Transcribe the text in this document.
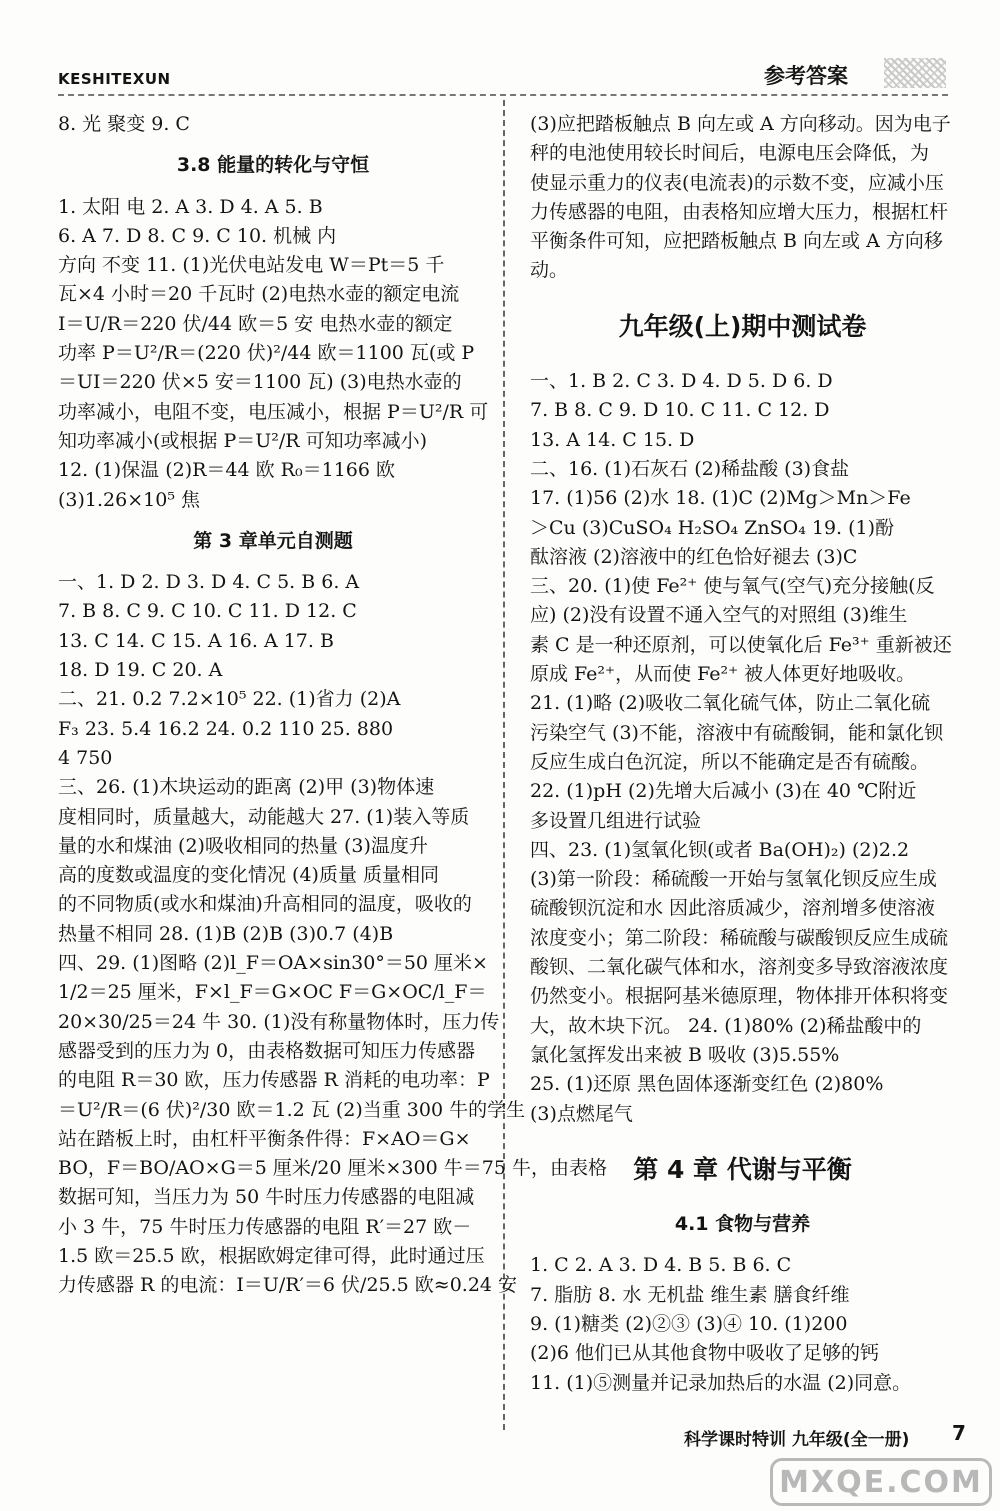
KESHITEXUN	参考答案
8. 光 聚变 9. C
3.8 能量的转化与守恒
1. 太阳 电 2. A 3. D 4. A 5. B
6. A 7. D 8. C 9. C 10. 机械 内
方向 不变 11. (1)光伏电站发电 W＝Pt＝5 千
瓦×4 小时＝20 千瓦时 (2)电热水壶的额定电流
I＝U/R＝220 伏/44 欧＝5 安 电热水壶的额定
功率 P＝U²/R＝(220 伏)²/44 欧＝1100 瓦(或 P
＝UI＝220 伏×5 安＝1100 瓦) (3)电热水壶的
功率减小，电阻不变，电压减小，根据 P＝U²/R 可
知功率减小(或根据 P＝U²/R 可知功率减小)
12. (1)保温 (2)R＝44 欧 R₀＝1166 欧
(3)1.26×10⁵ 焦
第 3 章单元自测题
一、1. D 2. D 3. D 4. C 5. B 6. A
7. B 8. C 9. C 10. C 11. D 12. C
13. C 14. C 15. A 16. A 17. B
18. D 19. C 20. A
二、21. 0.2 7.2×10⁵ 22. (1)省力 (2)A
F₃ 23. 5.4 16.2 24. 0.2 110 25. 880
4 750
三、26. (1)木块运动的距离 (2)甲 (3)物体速
度相同时，质量越大，动能越大 27. (1)装入等质
量的水和煤油 (2)吸收相同的热量 (3)温度升
高的度数或温度的变化情况 (4)质量 质量相同
的不同物质(或水和煤油)升高相同的温度，吸收的
热量不相同 28. (1)B (2)B (3)0.7 (4)B
四、29. (1)图略 (2)l_F＝OA×sin30°＝50 厘米×
1/2＝25 厘米，F×l_F＝G×OC F＝G×OC/l_F＝
20×30/25＝24 牛 30. (1)没有称量物体时，压力传
感器受到的压力为 0，由表格数据可知压力传感器
的电阻 R＝30 欧，压力传感器 R 消耗的电功率：P
＝U²/R＝(6 伏)²/30 欧＝1.2 瓦 (2)当重 300 牛的学生
站在踏板上时，由杠杆平衡条件得：F×AO＝G×
BO，F＝BO/AO×G＝5 厘米/20 厘米×300 牛＝75 牛，由表格
数据可知，当压力为 50 牛时压力传感器的电阻减
小 3 牛，75 牛时压力传感器的电阻 R′＝27 欧－
1.5 欧＝25.5 欧，根据欧姆定律可得，此时通过压
力传感器 R 的电流：I＝U/R′＝6 伏/25.5 欧≈0.24 安
(3)应把踏板触点 B 向左或 A 方向移动。因为电子
秤的电池使用较长时间后，电源电压会降低，为
使显示重力的仪表(电流表)的示数不变，应减小压
力传感器的电阻，由表格知应增大压力，根据杠杆
平衡条件可知，应把踏板触点 B 向左或 A 方向移
动。
九年级(上)期中测试卷
一、1. B 2. C 3. D 4. D 5. D 6. D
7. B 8. C 9. D 10. C 11. C 12. D
13. A 14. C 15. D
二、16. (1)石灰石 (2)稀盐酸 (3)食盐
17. (1)56 (2)水 18. (1)C (2)Mg＞Mn＞Fe
＞Cu (3)CuSO₄ H₂SO₄ ZnSO₄ 19. (1)酚
酞溶液 (2)溶液中的红色恰好褪去 (3)C
三、20. (1)使 Fe²⁺ 使与氧气(空气)充分接触(反
应) (2)没有设置不通入空气的对照组 (3)维生
素 C 是一种还原剂，可以使氧化后 Fe³⁺ 重新被还
原成 Fe²⁺，从而使 Fe²⁺ 被人体更好地吸收。
21. (1)略 (2)吸收二氧化硫气体，防止二氧化硫
污染空气 (3)不能，溶液中有硫酸铜，能和氯化钡
反应生成白色沉淀，所以不能确定是否有硫酸。
22. (1)pH (2)先增大后减小 (3)在 40 ℃附近
多设置几组进行试验
四、23. (1)氢氧化钡(或者 Ba(OH)₂) (2)2.2
(3)第一阶段：稀硫酸一开始与氢氧化钡反应生成
硫酸钡沉淀和水 因此溶质减少，溶剂增多使溶液
浓度变小；第二阶段：稀硫酸与碳酸钡反应生成硫
酸钡、二氧化碳气体和水，溶剂变多导致溶液浓度
仍然变小。根据阿基米德原理，物体排开体积将变
大，故木块下沉。 24. (1)80% (2)稀盐酸中的
氯化氢挥发出来被 B 吸收 (3)5.55%
25. (1)还原 黑色固体逐渐变红色 (2)80%
(3)点燃尾气
第 4 章 代谢与平衡
4.1 食物与营养
1. C 2. A 3. D 4. B 5. B 6. C
7. 脂肪 8. 水 无机盐 维生素 膳食纤维
9. (1)糖类 (2)②③ (3)④ 10. (1)200
(2)6 他们已从其他食物中吸收了足够的钙
11. (1)⑤测量并记录加热后的水温 (2)同意。
科学课时特训 九年级(全一册) 7
MXQE.COM
